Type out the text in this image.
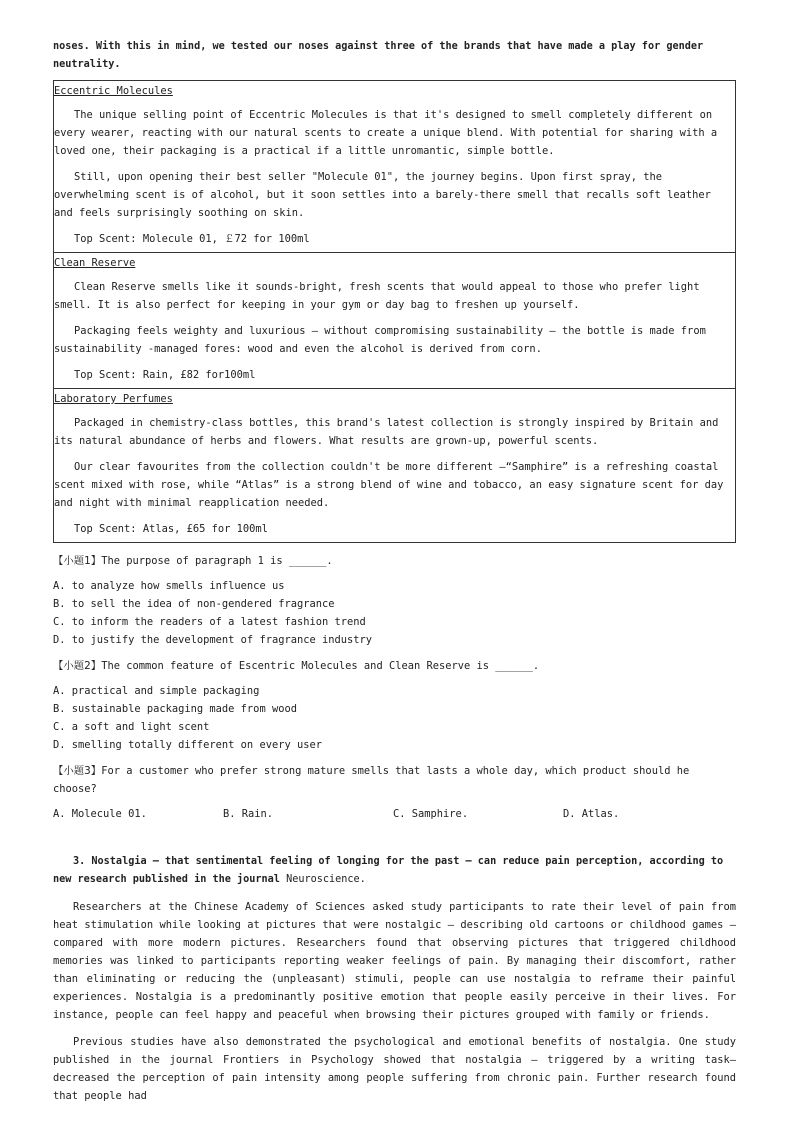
noses. With this in mind, we tested our noses against three of the brands that have made a play for gender neutrality.

Eccentric Molecules

The unique selling point of Eccentric Molecules is that it's designed to smell completely different on every wearer, reacting with our natural scents to create a unique blend. With potential for sharing with a loved one, their packaging is a practical if a little unromantic, simple bottle.

Still, upon opening their best seller "Molecule 01", the journey begins. Upon first spray, the overwhelming scent is of alcohol, but it soon settles into a barely-there smell that recalls soft leather and feels surprisingly soothing on skin.

Top Scent: Molecule 01, ￡72 for 100ml

Clean Reserve

Clean Reserve smells like it sounds-bright, fresh scents that would appeal to those who prefer light smell. It is also perfect for keeping in your gym or day bag to freshen up yourself.

Packaging feels weighty and luxurious — without compromising sustainability — the bottle is made from sustainability -managed fores: wood and even the alcohol is derived from corn.

Top Scent: Rain, £82 for100ml

Laboratory Perfumes

Packaged in chemistry-class bottles, this brand's latest collection is strongly inspired by Britain and its natural abundance of herbs and flowers. What results are grown-up, powerful scents.

Our clear favourites from the collection couldn't be more different —“Samphire” is a refreshing coastal scent mixed with rose, while “Atlas” is a strong blend of wine and tobacco, an easy signature scent for day and night with minimal reapplication needed.

Top Scent: Atlas, £65 for 100ml

【小题1】The purpose of paragraph 1 is ______.

A. to analyze how smells influence us

B. to sell the idea of non-gendered fragrance

C. to inform the readers of a latest fashion trend

D. to justify the development of fragrance industry

【小题2】The common feature of Escentric Molecules and Clean Reserve is ______.

A. practical and simple packaging

B. sustainable packaging made from wood

C. a soft and light scent

D. smelling totally different on every user

【小题3】For a customer who prefer strong mature smells that lasts a whole day, which product should he choose?

A. Molecule 01.	B. Rain.	C. Samphire.	D. Atlas.

3. Nostalgia — that sentimental feeling of longing for the past — can reduce pain perception, according to new research published in the journal Neuroscience.

Researchers at the Chinese Academy of Sciences asked study participants to rate their level of pain from heat stimulation while looking at pictures that were nostalgic — describing old cartoons or childhood games — compared with more modern pictures. Researchers found that observing pictures that triggered childhood memories was linked to participants reporting weaker feelings of pain. By managing their discomfort, rather than eliminating or reducing the (unpleasant) stimuli, people can use nostalgia to reframe their painful experiences. Nostalgia is a predominantly positive emotion that people easily perceive in their lives. For instance, people can feel happy and peaceful when browsing their pictures grouped with family or friends.

Previous studies have also demonstrated the psychological and emotional benefits of nostalgia. One study published in the journal Frontiers in Psychology showed that nostalgia — triggered by a writing task— decreased the perception of pain intensity among people suffering from chronic pain. Further research found that people had
